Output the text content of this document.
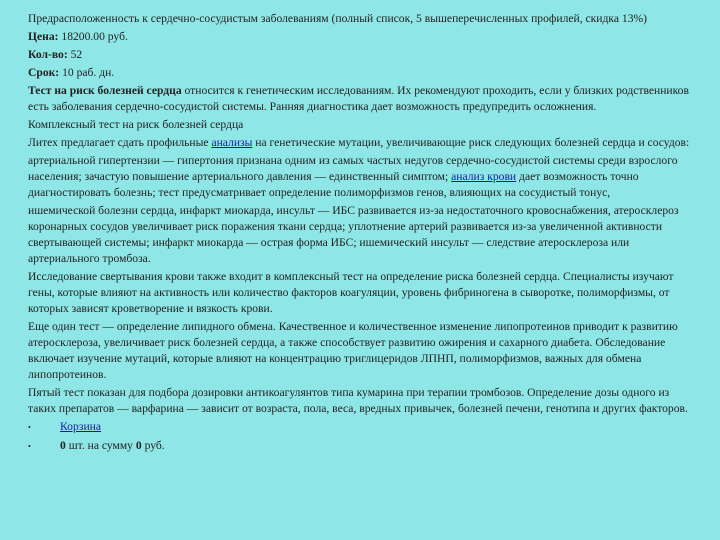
Предрасположенность к сердечно-сосудистым заболеваниям (полный список, 5 вышеперечисленных профилей, скидка 13%)

Цена: 18200.00 руб.

Кол-во: 52

Срок: 10 раб. дн.

Тест на риск болезней сердца относится к генетическим исследованиям. Их рекомендуют проходить, если у близких родственников есть заболевания сердечно-сосудистой системы. Ранняя диагностика дает возможность предупредить осложнения.

Комплексный тест на риск болезней сердца

Литех предлагает сдать профильные анализы на генетические мутации, увеличивающие риск следующих болезней сердца и сосудов:

артериальной гипертензии — гипертония признана одним из самых частых недугов сердечно-сосудистой системы среди взрослого населения; зачастую повышение артериального давления — единственный симптом; анализ крови дает возможность точно диагностировать болезнь; тест предусматривает определение полиморфизмов генов, влияющих на сосудистый тонус,

ишемической болезни сердца, инфаркт миокарда, инсульт — ИБС развивается из-за недостаточного кровоснабжения, атеросклероз коронарных сосудов увеличивает риск поражения ткани сердца; уплотнение артерий развивается из-за увеличенной активности свертывающей системы; инфаркт миокарда — острая форма ИБС; ишемический инсульт — следствие атеросклероза или артериального тромбоза.

Исследование свертывания крови также входит в комплексный тест на определение риска болезней сердца. Специалисты изучают гены, которые влияют на активность или количество факторов коагуляции, уровень фибриногена в сыворотке, полиморфизмы, от которых зависят кроветворение и вязкость крови.

Еще один тест — определение липидного обмена. Качественное и количественное изменение липопротеинов приводит к развитию атеросклероза, увеличивает риск болезней сердца, а также способствует развитию ожирения и сахарного диабета. Обследование включает изучение мутаций, которые влияют на концентрацию триглицеридов ЛПНП, полиморфизмов, важных для обмена липопротеинов.

Пятый тест показан для подбора дозировки антикоагулянтов типа кумарина при терапии тромбозов. Определение дозы одного из таких препаратов — варфарина — зависит от возраста, пола, веса, вредных привычек, болезней печени, генотипа и других факторов.

•	Корзина
•	0 шт. на сумму 0 руб.
